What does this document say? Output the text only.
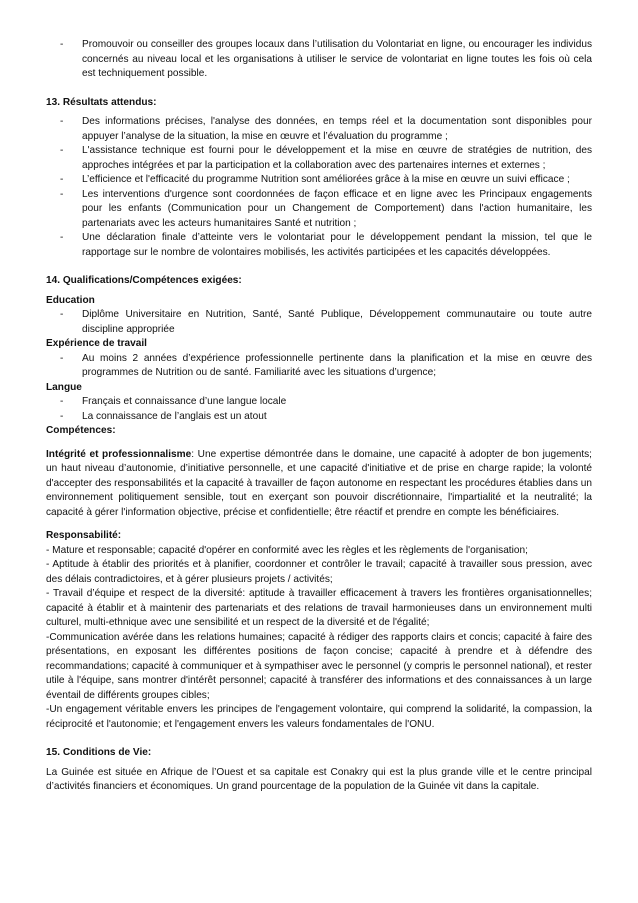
- Promouvoir ou conseiller des groupes locaux dans l’utilisation du Volontariat en ligne, ou encourager les individus concernés au niveau local et les organisations à utiliser le service de volontariat en ligne toutes les fois où cela est techniquement possible.

13. Résultats attendus:

- Des informations précises, l'analyse des données, en temps réel et la documentation sont disponibles pour appuyer l’analyse de la situation, la mise en œuvre et l’évaluation du programme ;
- L'assistance technique est fourni pour le développement et la mise en œuvre de stratégies de nutrition, des approches intégrées et par la participation et la collaboration avec des partenaires internes et externes ;
- L’efficience et l'efficacité du programme Nutrition sont améliorées grâce à la mise en œuvre un suivi efficace ;
- Les interventions d'urgence sont coordonnées de façon efficace et en ligne avec les Principaux engagements pour les enfants (Communication pour un Changement de Comportement) dans l'action humanitaire, les partenariats avec les acteurs humanitaires Santé et nutrition ;
- Une déclaration finale d’atteinte vers le volontariat pour le développement pendant la mission, tel que le rapportage sur le nombre de volontaires mobilisés, les activités participées et les capacités développées.

14. Qualifications/Compétences exigées:

Education

- Diplôme Universitaire en Nutrition, Santé, Santé Publique, Développement communautaire ou toute autre discipline appropriée

Expérience de travail

- Au moins 2 années d’expérience professionnelle pertinente dans la planification et la mise en œuvre des programmes de Nutrition ou de santé. Familiarité avec les situations d’urgence;

Langue

- Français et connaissance d’une langue locale
- La connaissance de l’anglais est un atout

Compétences:

Intégrité et professionnalisme: Une expertise démontrée dans le domaine, une capacité à adopter de bon jugements; un haut niveau d’autonomie, d’initiative personnelle, et une capacité d'initiative et de prise en charge rapide; la volonté d'accepter des responsabilités et la capacité à travailler de façon autonome en respectant les procédures établies dans un environnement politiquement sensible, tout en exerçant son pouvoir discrétionnaire, l'impartialité et la neutralité; la capacité à gérer l'information objective, précise et confidentielle; être réactif et prendre en compte les bénéficiaires.

Responsabilité:

- Mature et responsable; capacité d'opérer en conformité avec les règles et les règlements de l'organisation;

- Aptitude à établir des priorités et à planifier, coordonner et contrôler le travail; capacité à travailler sous pression, avec des délais contradictoires, et à gérer plusieurs projets / activités;

- Travail d’équipe et respect de la diversité: aptitude à travailler efficacement à travers les frontières organisationnelles; capacité à établir et à maintenir des partenariats et des relations de travail harmonieuses dans un environnement multi culturel, multi-ethnique avec une sensibilité et un respect de la diversité et de l'égalité;

-Communication avérée dans les relations humaines; capacité à rédiger des rapports clairs et concis; capacité à faire des présentations, en exposant les différentes positions de façon concise; capacité à prendre et à défendre des recommandations; capacité à communiquer et à sympathiser avec le personnel (y compris le personnel national), et rester utile à l'équipe, sans montrer d'intérêt personnel; capacité à transférer des informations et des connaissances à un large éventail de différents groupes cibles;

-Un engagement véritable envers les principes de l'engagement volontaire, qui comprend la solidarité, la compassion, la réciprocité et l'autonomie; et l'engagement envers les valeurs fondamentales de l'ONU.

15. Conditions de Vie:

La Guinée est située en Afrique de l’Ouest et sa capitale est Conakry qui est la plus grande ville et le centre principal d’activités financiers et économiques. Un grand pourcentage de la population de la Guinée vit dans la capitale.
